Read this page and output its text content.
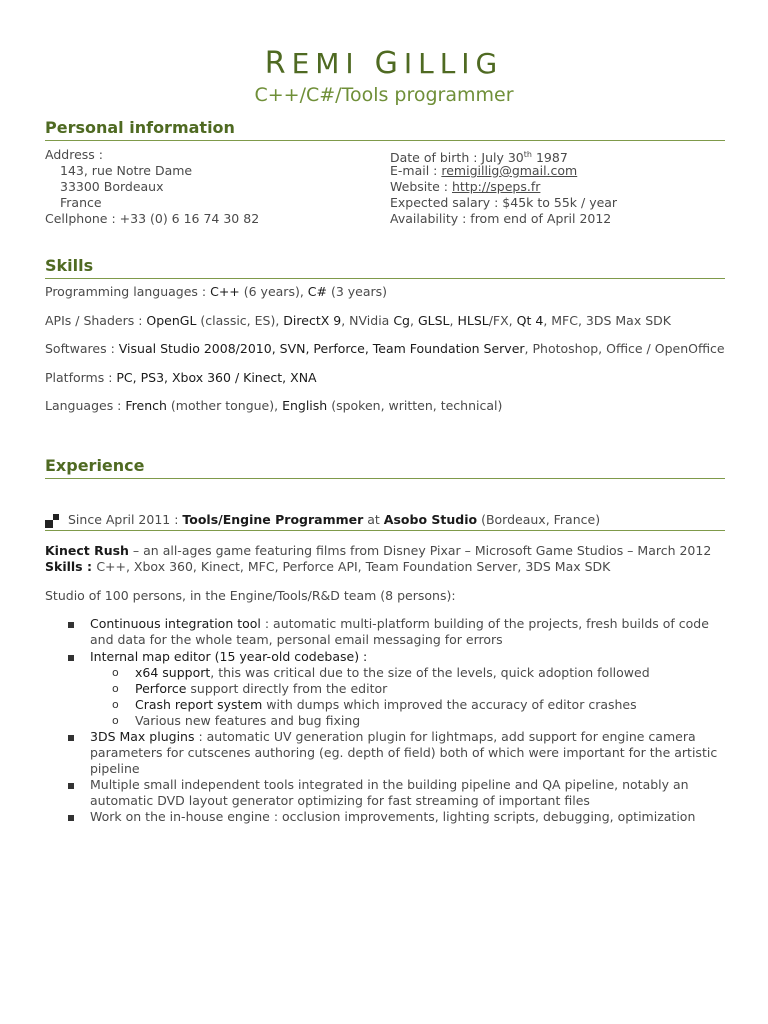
REMI GILLIG
C++/C#/Tools programmer
Personal information
Address :
143, rue Notre Dame
33300 Bordeaux
France
Cellphone : +33 (0) 6 16 74 30 82
Date of birth : July 30th 1987
E-mail : remigillig@gmail.com
Website : http://speps.fr
Expected salary : $45k to 55k / year
Availability : from end of April 2012
Skills
Programming languages : C++ (6 years), C# (3 years)
APIs / Shaders : OpenGL (classic, ES), DirectX 9, NVidia Cg, GLSL, HLSL/FX, Qt 4, MFC, 3DS Max SDK
Softwares : Visual Studio 2008/2010, SVN, Perforce, Team Foundation Server, Photoshop, Office / OpenOffice
Platforms : PC, PS3, Xbox 360 / Kinect, XNA
Languages : French (mother tongue), English (spoken, written, technical)
Experience
Since April 2011 : Tools/Engine Programmer at Asobo Studio (Bordeaux, France)
Kinect Rush – an all-ages game featuring films from Disney Pixar – Microsoft Game Studios – March 2012
Skills : C++, Xbox 360, Kinect, MFC, Perforce API, Team Foundation Server, 3DS Max SDK
Studio of 100 persons, in the Engine/Tools/R&D team (8 persons):
Continuous integration tool : automatic multi-platform building of the projects, fresh builds of code
and data for the whole team, personal email messaging for errors
Internal map editor (15 year-old codebase) :
o x64 support, this was critical due to the size of the levels, quick adoption followed
o Perforce support directly from the editor
o Crash report system with dumps which improved the accuracy of editor crashes
o Various new features and bug fixing
3DS Max plugins : automatic UV generation plugin for lightmaps, add support for engine camera
parameters for cutscenes authoring (eg. depth of field) both of which were important for the artistic
pipeline
Multiple small independent tools integrated in the building pipeline and QA pipeline, notably an
automatic DVD layout generator optimizing for fast streaming of important files
Work on the in-house engine : occlusion improvements, lighting scripts, debugging, optimization
